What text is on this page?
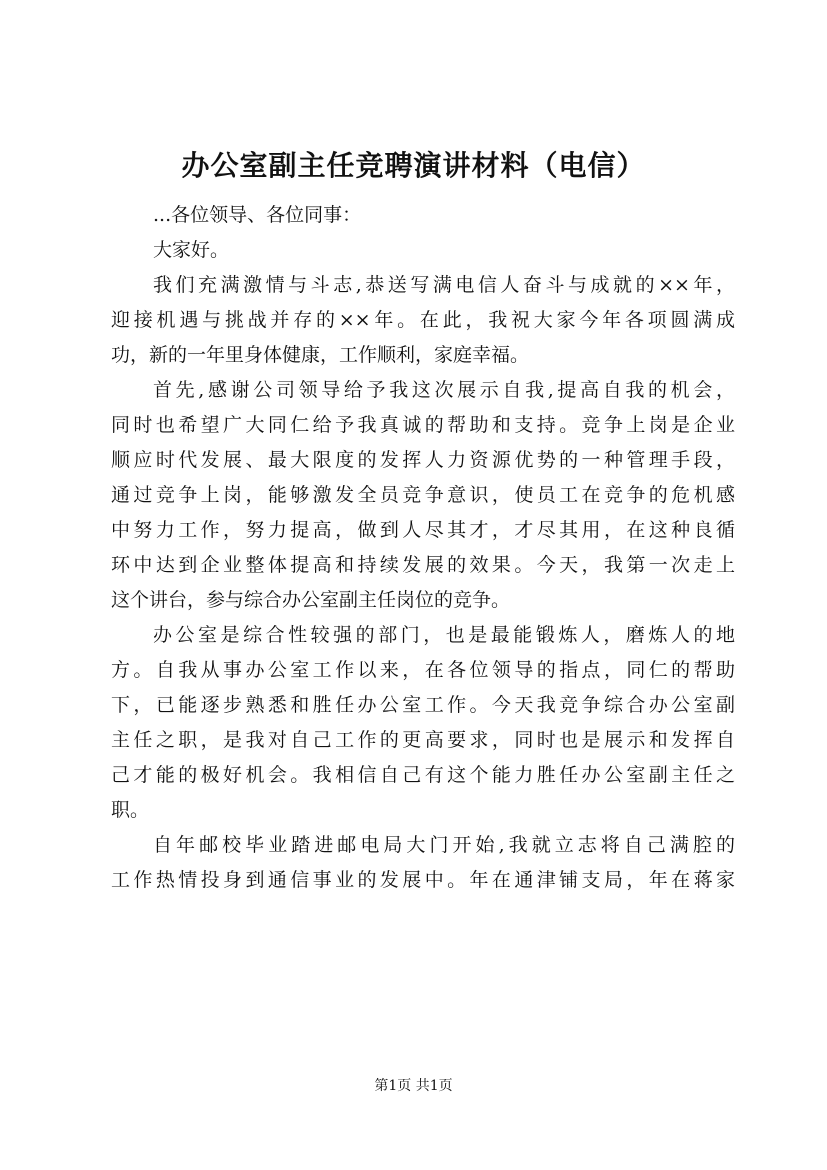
办公室副主任竞聘演讲材料（电信）
...各位领导、各位同事：
大家好。
我们充满激情与斗志,恭送写满电信人奋斗与成就的××年，
迎接机遇与挑战并存的××年。在此，我祝大家今年各项圆满成
功，新的一年里身体健康，工作顺利，家庭幸福。
首先,感谢公司领导给予我这次展示自我,提高自我的机会，
同时也希望广大同仁给予我真诚的帮助和支持。竞争上岗是企业
顺应时代发展、最大限度的发挥人力资源优势的一种管理手段，
通过竞争上岗，能够激发全员竞争意识，使员工在竞争的危机感
中努力工作，努力提高，做到人尽其才，才尽其用，在这种良循
环中达到企业整体提高和持续发展的效果。今天，我第一次走上
这个讲台，参与综合办公室副主任岗位的竞争。
办公室是综合性较强的部门，也是最能锻炼人，磨炼人的地
方。自我从事办公室工作以来，在各位领导的指点，同仁的帮助
下，已能逐步熟悉和胜任办公室工作。今天我竞争综合办公室副
主任之职，是我对自己工作的更高要求，同时也是展示和发挥自
己才能的极好机会。我相信自己有这个能力胜任办公室副主任之
职。
自年邮校毕业踏进邮电局大门开始,我就立志将自己满腔的
工作热情投身到通信事业的发展中。年在通津铺支局，年在蒋家
第1页 共1页
